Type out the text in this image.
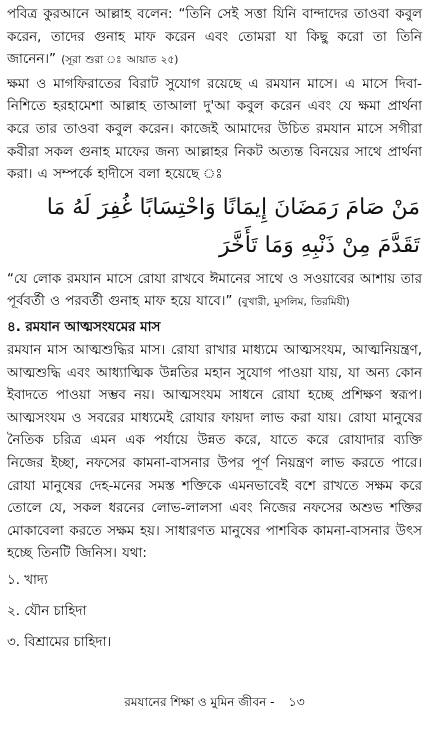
পবিত্র কুরআনে আল্লাহ বলেন: “তিনি সেই সত্তা যিনি বান্দাদের তাওবা কবুল করেন, তাদের গুনাহ মাফ করেন এবং তোমরা যা কিছু করো তা তিনি জানেন।” (সূরা শুরা ঃ আয়াত ২৫)

ক্ষমা ও মাগফিরাতের বিরাট সুযোগ রয়েছে এ রমযান মাসে। এ মাসে দিবা- নিশিতে হরহামেশা আল্লাহ তাআলা দু'আ কবুল করেন এবং যে ক্ষমা প্রার্থনা করে তার তাওবা কবুল করেন। কাজেই আমাদের উচিত রমযান মাসে সগীরা কবীরা সকল গুনাহ মাফের জন্য আল্লাহর নিকট অত্যন্ত বিনয়ের সাথে প্রার্থনা করা। এ সম্পর্কে হাদীসে বলা হয়েছে ঃ

مَنْ صَامَ رَمَضَانَ إِيمَانًا وَاحْتِسَابًا غُفِرَ لَهُ مَا تَقَدَّمَ مِنْ ذَنْبِهِ وَمَا تَأَخَّرَ

“যে লোক রমযান মাসে রোযা রাখবে ঈমানের সাথে ও সওয়াবের আশায় তার পূর্ববর্তী ও পরবর্তী গুনাহ মাফ হয়ে যাবে।” (বুখারী, মুসলিম, তিরমিযী)

৪. রমযান আত্মসংযমের মাস

রমযান মাস আত্মশুদ্ধির মাস। রোযা রাখার মাধ্যমে আত্মসংযম, আত্মনিয়ন্ত্রণ, আত্মশুদ্ধি এবং আধ্যাত্মিক উন্নতির মহান সুযোগ পাওয়া যায়, যা অন্য কোন ইবাদতে পাওয়া সম্ভব নয়। আত্মসংযম সাধনে রোযা হচ্ছে প্রশিক্ষণ স্বরূপ। আত্মসংযম ও সবরের মাধ্যমেই রোযার ফায়দা লাভ করা যায়। রোযা মানুষের নৈতিক চরিত্র এমন এক পর্যায়ে উন্নত করে, যাতে করে রোযাদার ব্যক্তি নিজের ইচ্ছা, নফসের কামনা-বাসনার উপর পূর্ণ নিয়ন্ত্রণ লাভ করতে পারে। রোযা মানুষের দেহ-মনের সমস্ত শক্তিকে এমনভাবেই বশে রাখতে সক্ষম করে তোলে যে, সকল ধরনের লোভ-লালসা এবং নিজের নফসের অশুভ শক্তির মোকাবেলা করতে সক্ষম হয়। সাধারণত মানুষের পাশবিক কামনা-বাসনার উৎস হচ্ছে তিনটি জিনিস। যথা:

১. খাদ্য
২. যৌন চাহিদা
৩. বিশ্রামের চাহিদা।
রমযানের শিক্ষা ও মুমিন জীবন - ১৩
